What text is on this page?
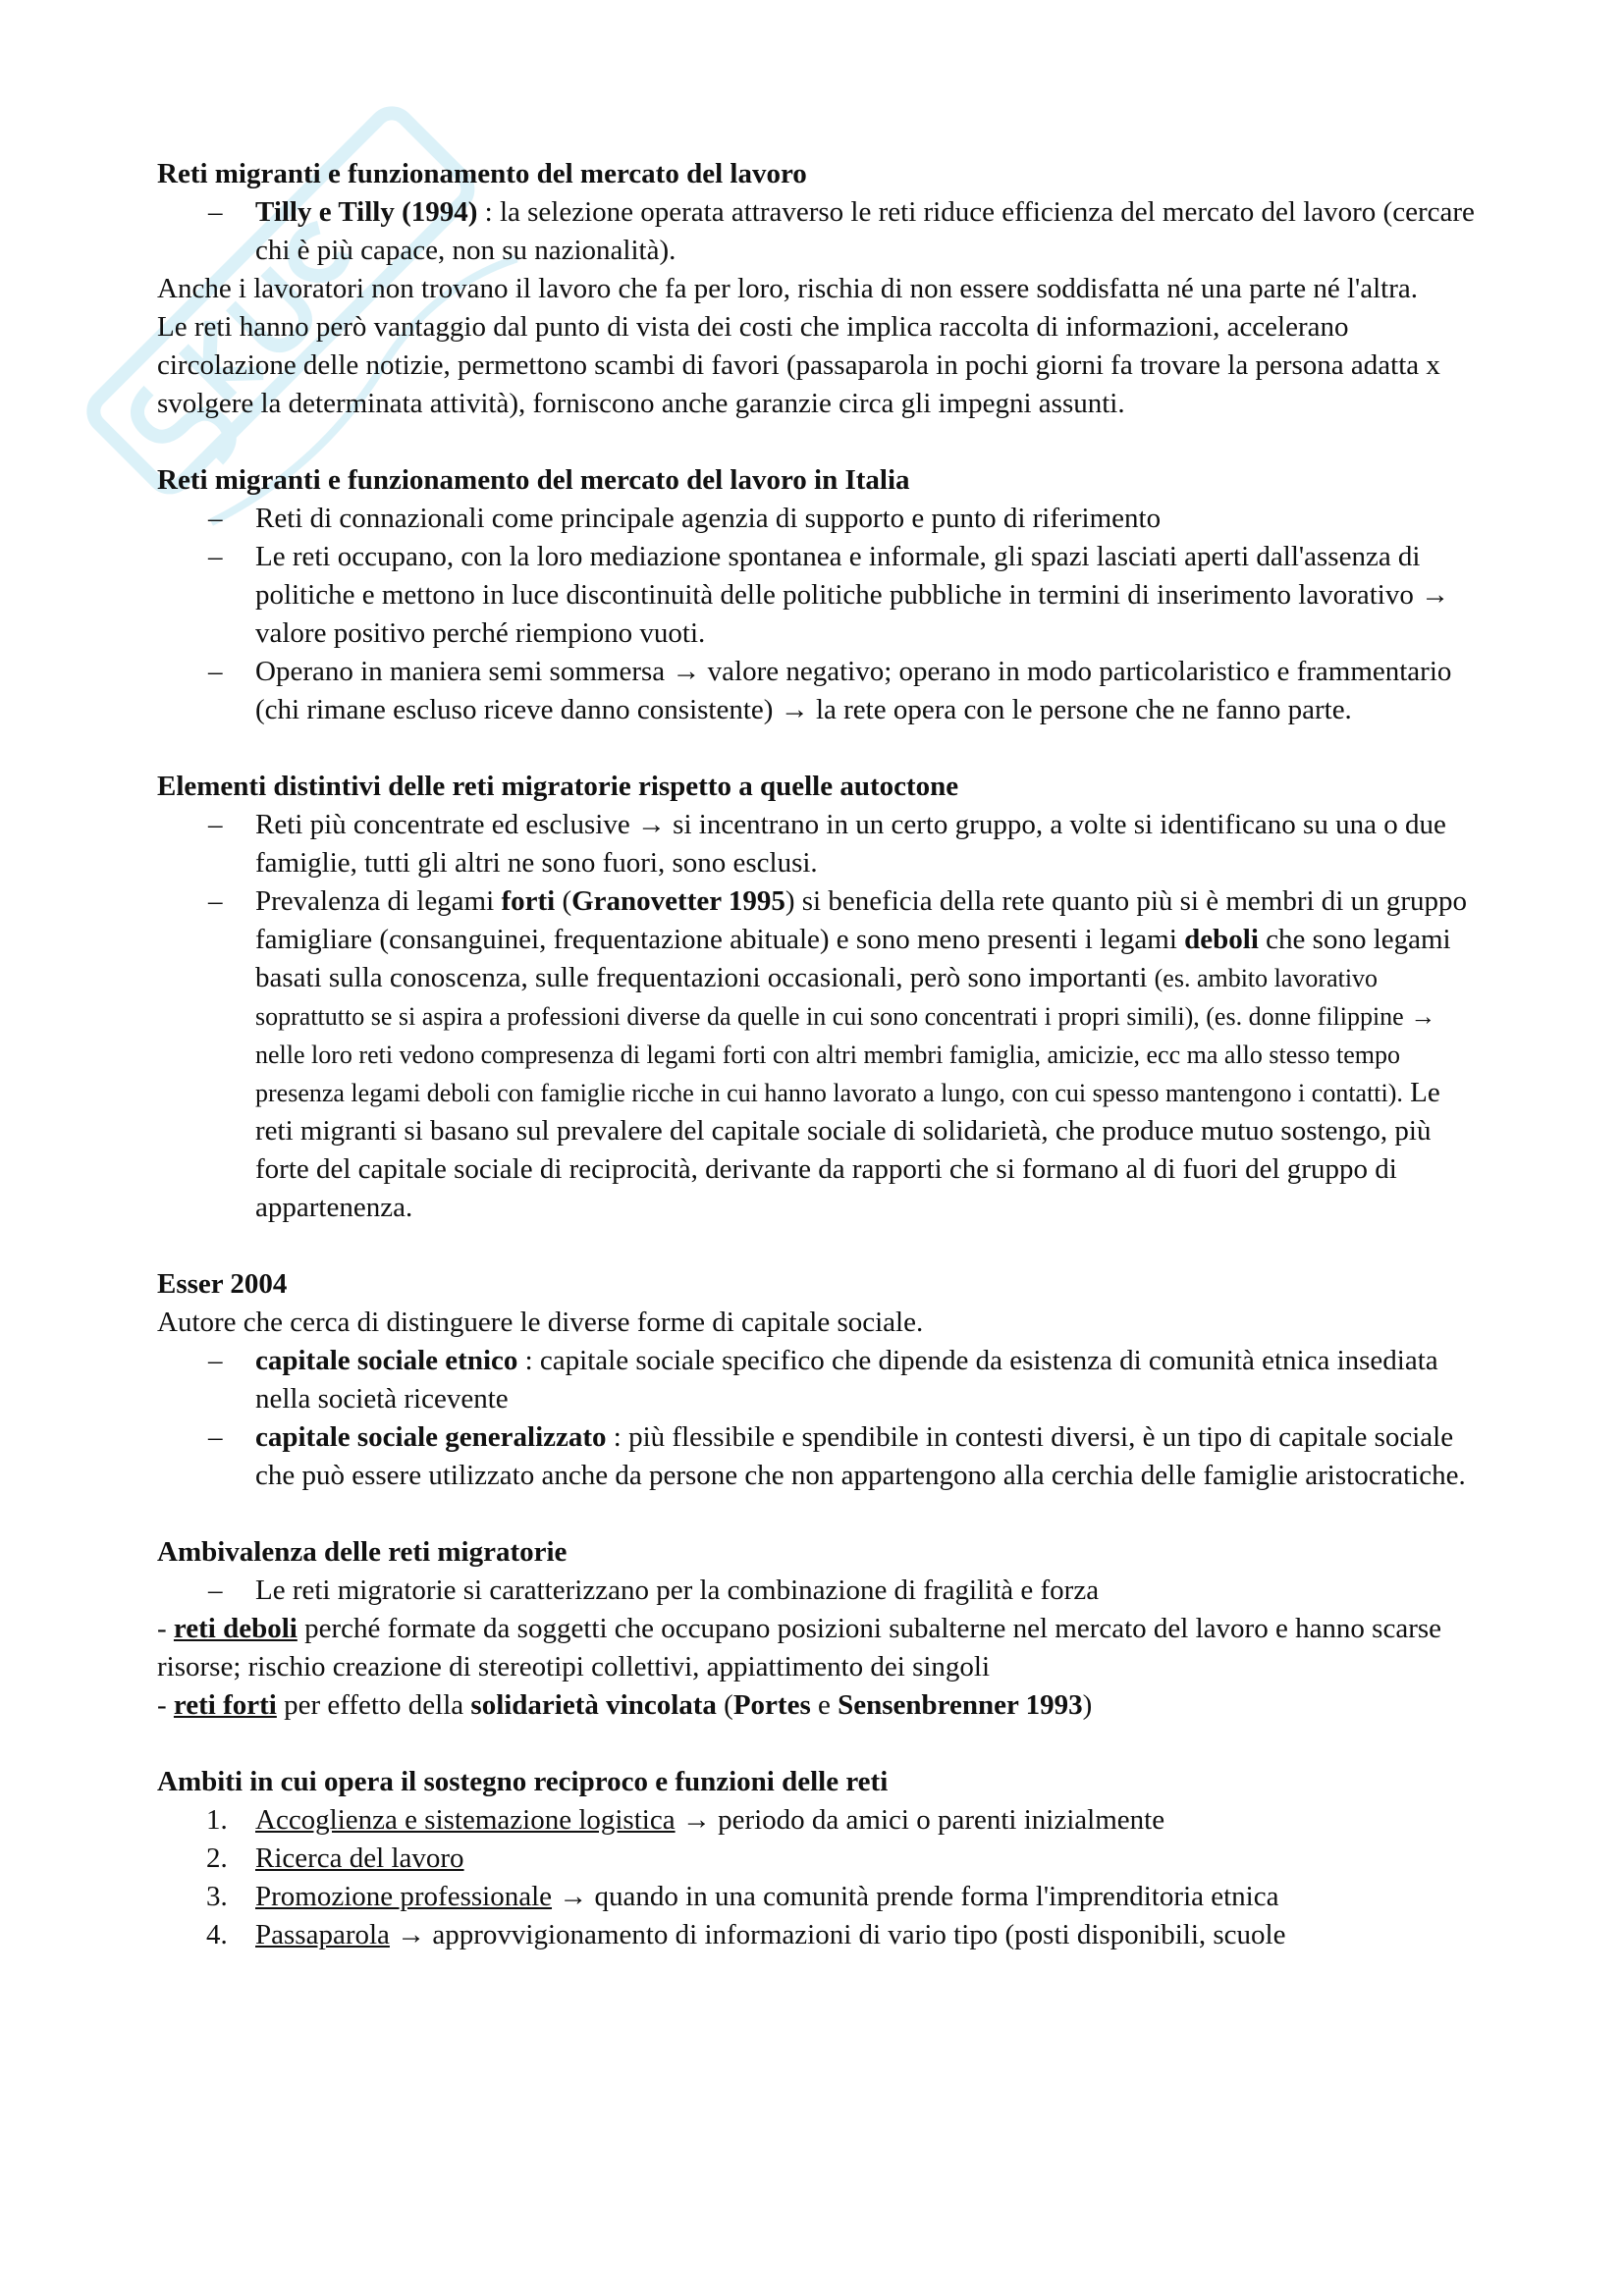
Reti migranti e funzionamento del mercato del lavoro
– Tilly e Tilly (1994) : la selezione operata attraverso le reti riduce efficienza del mercato del lavoro (cercare chi è più capace, non su nazionalità).

Anche i lavoratori non trovano il lavoro che fa per loro, rischia di non essere soddisfatta né una parte né l'altra.

Le reti hanno però vantaggio dal punto di vista dei costi che implica raccolta di informazioni, accelerano circolazione delle notizie, permettono scambi di favori (passaparola in pochi giorni fa trovare la persona adatta x svolgere la determinata attività), forniscono anche garanzie circa gli impegni assunti.

Reti migranti e funzionamento del mercato del lavoro in Italia
– Reti di connazionali come principale agenzia di supporto e punto di riferimento
– Le reti occupano, con la loro mediazione spontanea e informale, gli spazi lasciati aperti dall'assenza di politiche e mettono in luce discontinuità delle politiche pubbliche in termini di inserimento lavorativo → valore positivo perché riempiono vuoti.
– Operano in maniera semi sommersa → valore negativo; operano in modo particolaristico e frammentario (chi rimane escluso riceve danno consistente) → la rete opera con le persone che ne fanno parte.
Elementi distintivi delle reti migratorie rispetto a quelle autoctone
– Reti più concentrate ed esclusive → si incentrano in un certo gruppo, a volte si identificano su una o due famiglie, tutti gli altri ne sono fuori, sono esclusi.
– Prevalenza di legami forti (Granovetter 1995) si beneficia della rete quanto più si è membri di un gruppo famigliare (consanguinei, frequentazione abituale) e sono meno presenti i legami deboli che sono legami basati sulla conoscenza, sulle frequentazioni occasionali, però sono importanti (es. ambito lavorativo soprattutto se si aspira a professioni diverse da quelle in cui sono concentrati i propri simili), (es. donne filippine → nelle loro reti vedono compresenza di legami forti con altri membri famiglia, amicizie, ecc ma allo stesso tempo presenza legami deboli con famiglie ricche in cui hanno lavorato a lungo, con cui spesso mantengono i contatti). Le reti migranti si basano sul prevalere del capitale sociale di solidarietà, che produce mutuo sostengo, più forte del capitale sociale di reciprocità, derivante da rapporti che si formano al di fuori del gruppo di appartenenza.
Esser 2004

Autore che cerca di distinguere le diverse forme di capitale sociale.

– capitale sociale etnico : capitale sociale specifico che dipende da esistenza di comunità etnica insediata nella società ricevente
– capitale sociale generalizzato : più flessibile e spendibile in contesti diversi, è un tipo di capitale sociale che può essere utilizzato anche da persone che non appartengono alla cerchia delle famiglie aristocratiche.
Ambivalenza delle reti migratorie
– Le reti migratorie si caratterizzano per la combinazione di fragilità e forza

- reti deboli perché formate da soggetti che occupano posizioni subalterne nel mercato del lavoro e hanno scarse risorse; rischio creazione di stereotipi collettivi, appiattimento dei singoli

- reti forti per effetto della solidarietà vincolata (Portes e Sensenbrenner 1993)

Ambiti in cui opera il sostegno reciproco e funzioni delle reti
1. Accoglienza e sistemazione logistica → periodo da amici o parenti inizialmente
2. Ricerca del lavoro
3. Promozione professionale → quando in una comunità prende forma l'imprenditoria etnica
4. Passaparola → approvvigionamento di informazioni di vario tipo (posti disponibili, scuole
